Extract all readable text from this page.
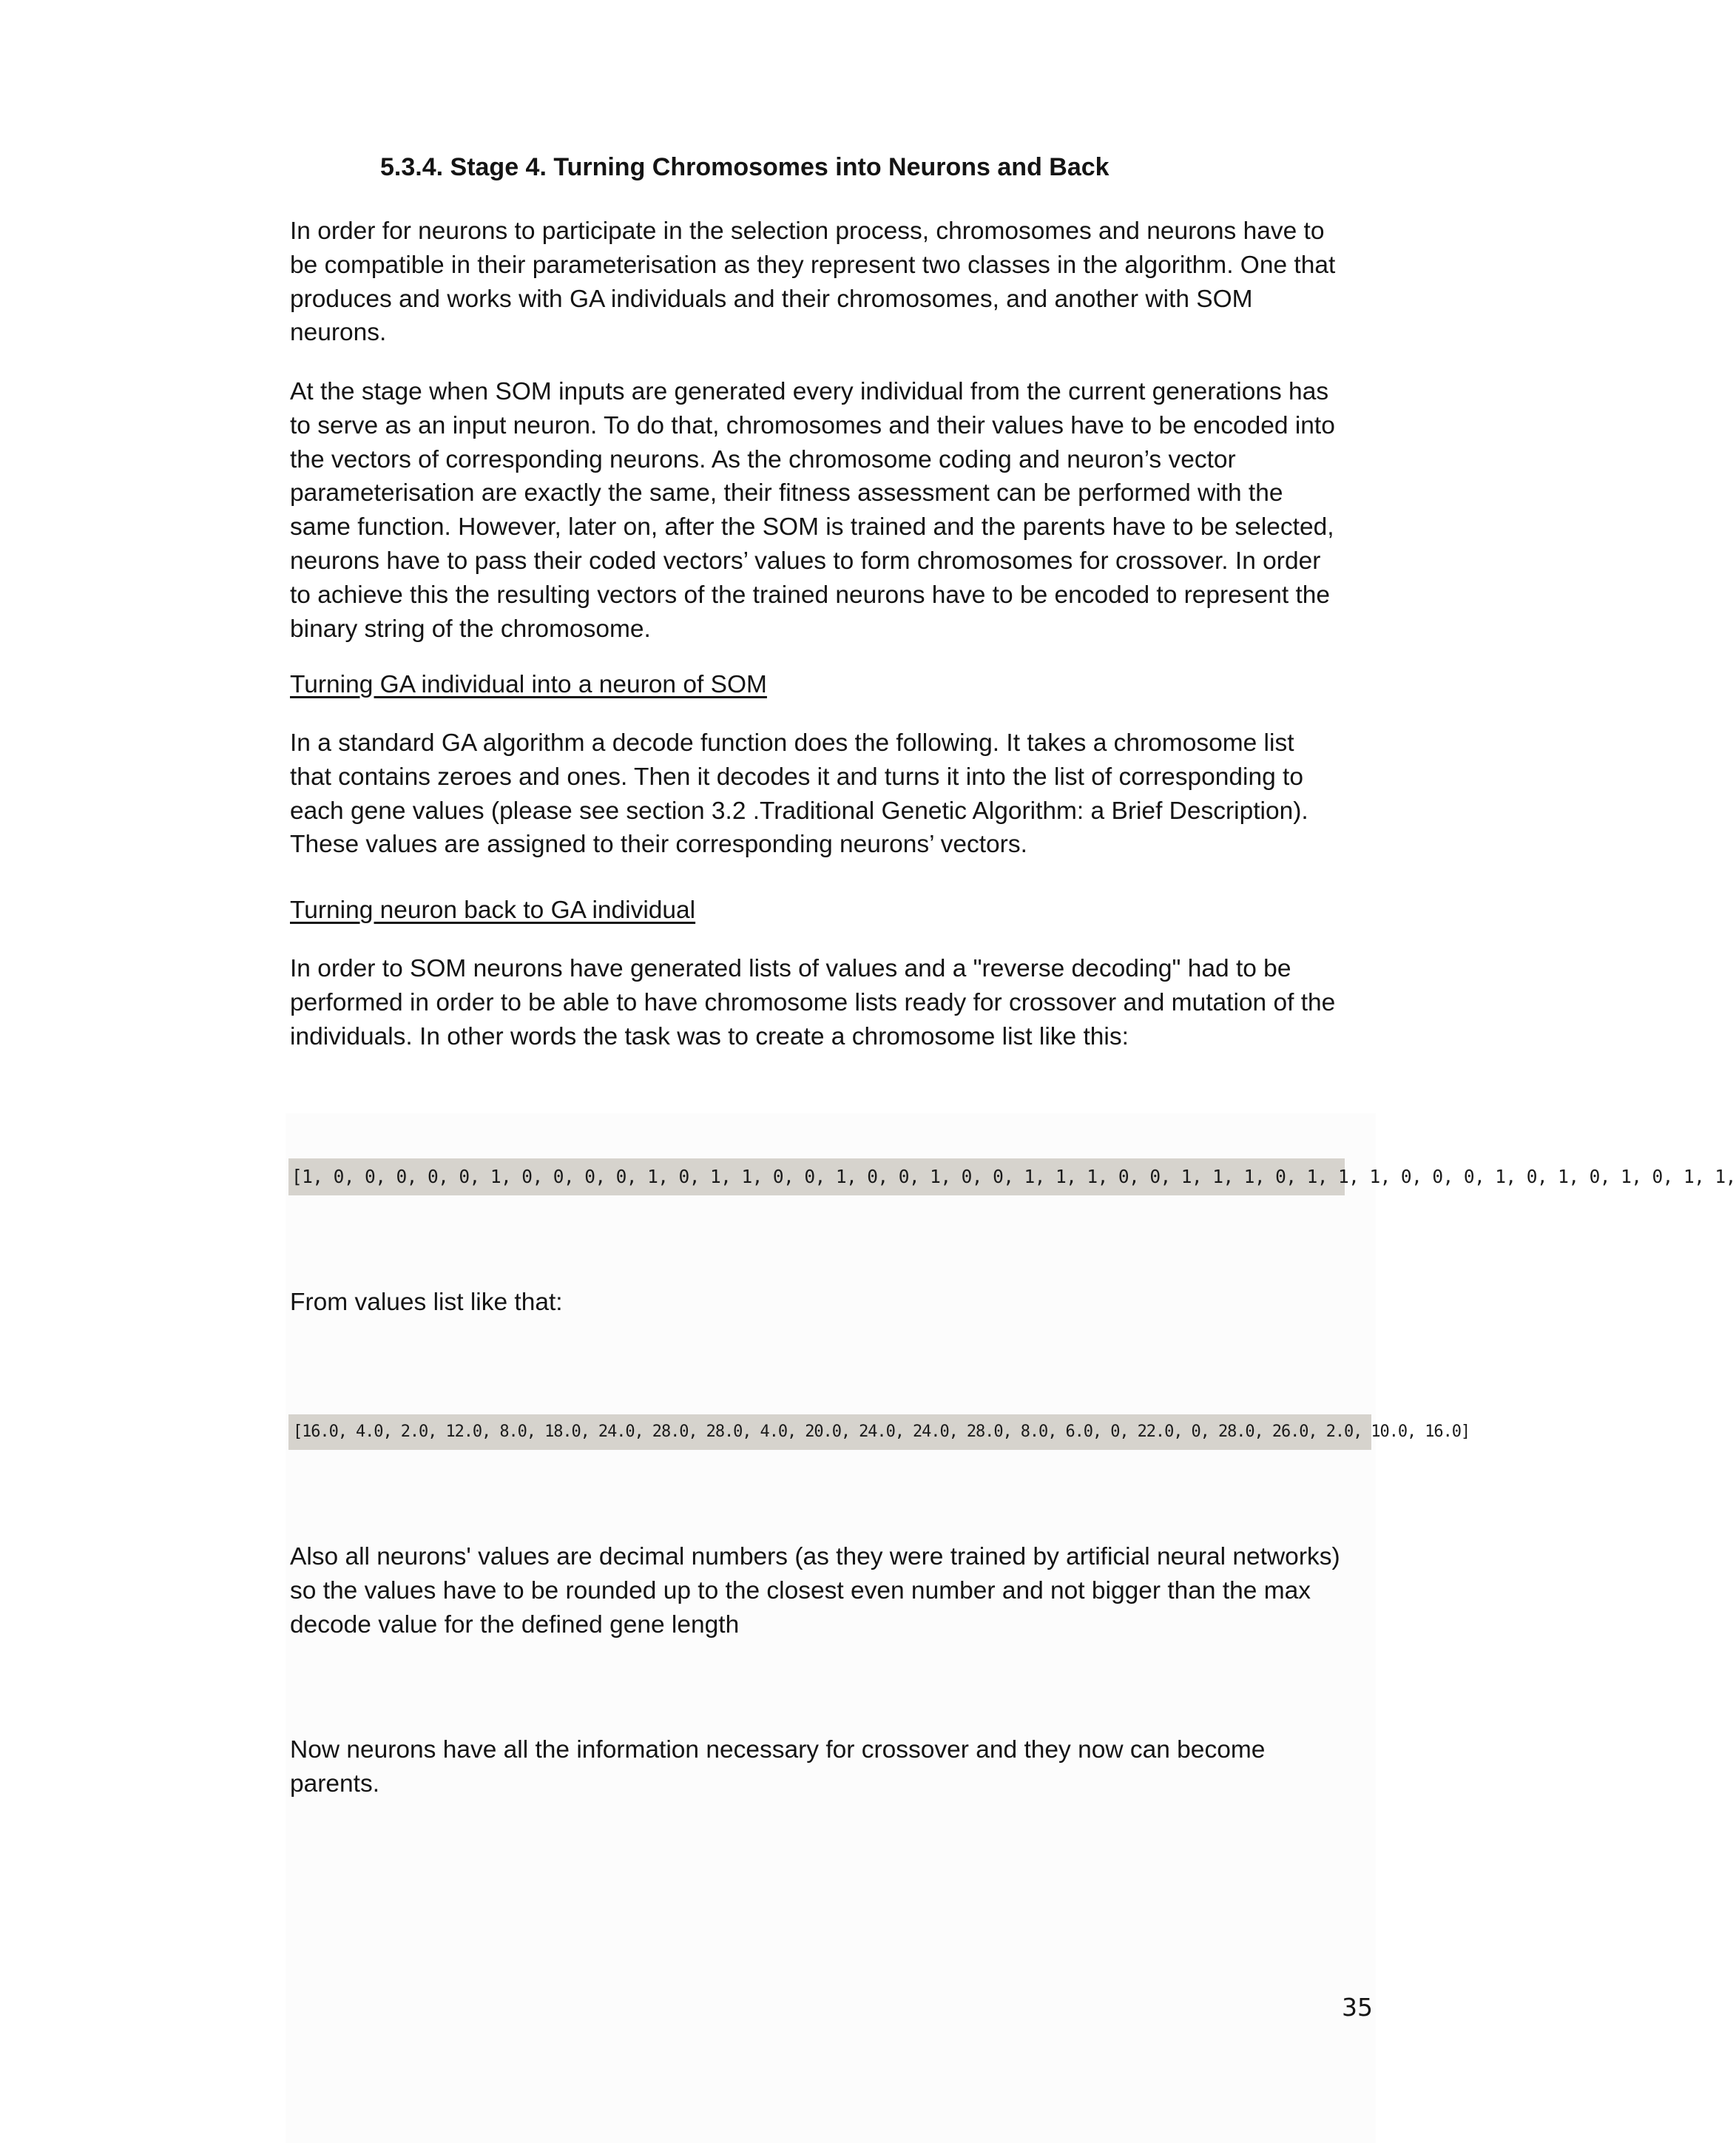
5.3.4. Stage 4. Turning Chromosomes into Neurons and Back

In order for neurons to participate in the selection process, chromosomes and neurons have to
be compatible in their parameterisation as they represent two classes in the algorithm. One that
produces and works with GA individuals and their chromosomes, and another with SOM
neurons.

At the stage when SOM inputs are generated every individual from the current generations has
to serve as an input neuron. To do that, chromosomes and their values have to be encoded into
the vectors of corresponding neurons. As the chromosome coding and neuron’s vector
parameterisation are exactly the same, their fitness assessment can be performed with the
same function. However, later on, after the SOM is trained and the parents have to be selected,
neurons have to pass their coded vectors’ values to form chromosomes for crossover. In order
to achieve this the resulting vectors of the trained neurons have to be encoded to represent the
binary string of the chromosome.

Turning GA individual into a neuron of SOM

In a standard GA algorithm a decode function does the following. It takes a chromosome list
that contains zeroes and ones. Then it decodes it and turns it into the list of corresponding to
each gene values (please see section 3.2 .Traditional Genetic Algorithm: a Brief Description).
These values are assigned to their corresponding neurons’ vectors.

Turning neuron back to GA individual

In order to SOM neurons have generated lists of values and a "reverse decoding" had to be
performed in order to be able to have chromosome lists ready for crossover and mutation of the
individuals. In other words the task was to create a chromosome list like this:

[1, 0, 0, 0, 0, 0, 1, 0, 0, 0, 0, 1, 0, 1, 1, 0, 0, 1, 0, 0, 1, 0, 0, 1, 1, 1, 0, 0, 1, 1, 1, 0, 1, 1, 1, 0, 0, 0, 1, 0, 1, 0, 1, 0, 1, 1,

From values list like that:

[16.0, 4.0, 2.0, 12.0, 8.0, 18.0, 24.0, 28.0, 28.0, 4.0, 20.0, 24.0, 24.0, 28.0, 8.0, 6.0, 0, 22.0, 0, 28.0, 26.0, 2.0, 10.0, 16.0]

Also all neurons' values are decimal numbers (as they were trained by artificial neural networks)
so the values have to be rounded up to the closest even number and not bigger than the max
decode value for the defined gene length

Now neurons have all the information necessary for crossover and they now can become
parents.

35
